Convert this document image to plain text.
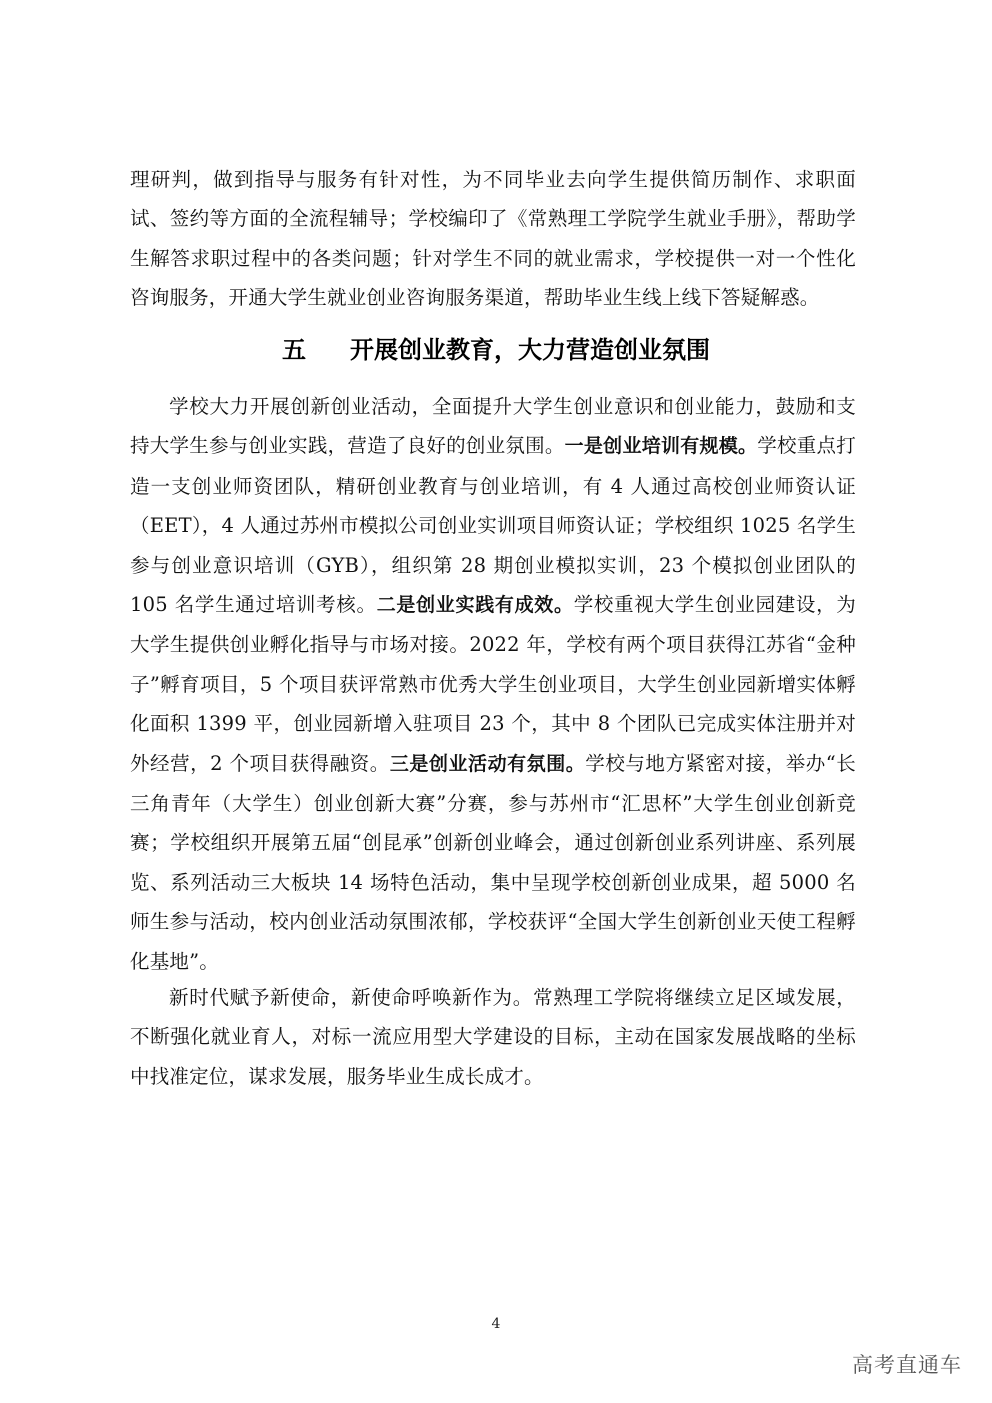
理研判，做到指导与服务有针对性，为不同毕业去向学生提供简历制作、求职面试、签约等方面的全流程辅导；学校编印了《常熟理工学院学生就业手册》，帮助学生解答求职过程中的各类问题；针对学生不同的就业需求，学校提供一对一个性化咨询服务，开通大学生就业创业咨询服务渠道，帮助毕业生线上线下答疑解惑。

五 开展创业教育，大力营造创业氛围

学校大力开展创新创业活动，全面提升大学生创业意识和创业能力，鼓励和支持大学生参与创业实践，营造了良好的创业氛围。一是创业培训有规模。学校重点打造一支创业师资团队，精研创业教育与创业培训，有 4 人通过高校创业师资认证（EET），4 人通过苏州市模拟公司创业实训项目师资认证；学校组织 1025 名学生参与创业意识培训（GYB），组织第 28 期创业模拟实训，23 个模拟创业团队的 105 名学生通过培训考核。二是创业实践有成效。学校重视大学生创业园建设，为大学生提供创业孵化指导与市场对接。2022 年，学校有两个项目获得江苏省“金种子”孵育项目，5 个项目获评常熟市优秀大学生创业项目，大学生创业园新增实体孵化面积 1399 平，创业园新增入驻项目 23 个，其中 8 个团队已完成实体注册并对外经营，2 个项目获得融资。三是创业活动有氛围。学校与地方紧密对接，举办“长三角青年（大学生）创业创新大赛”分赛，参与苏州市“汇思杯”大学生创业创新竞赛；学校组织开展第五届“创昆承”创新创业峰会，通过创新创业系列讲座、系列展览、系列活动三大板块 14 场特色活动，集中呈现学校创新创业成果，超 5000 名师生参与活动，校内创业活动氛围浓郁，学校获评“全国大学生创新创业天使工程孵化基地”。

新时代赋予新使命，新使命呼唤新作为。常熟理工学院将继续立足区域发展，不断强化就业育人，对标一流应用型大学建设的目标，主动在国家发展战略的坐标中找准定位，谋求发展，服务毕业生成长成才。

4
高考直通车
